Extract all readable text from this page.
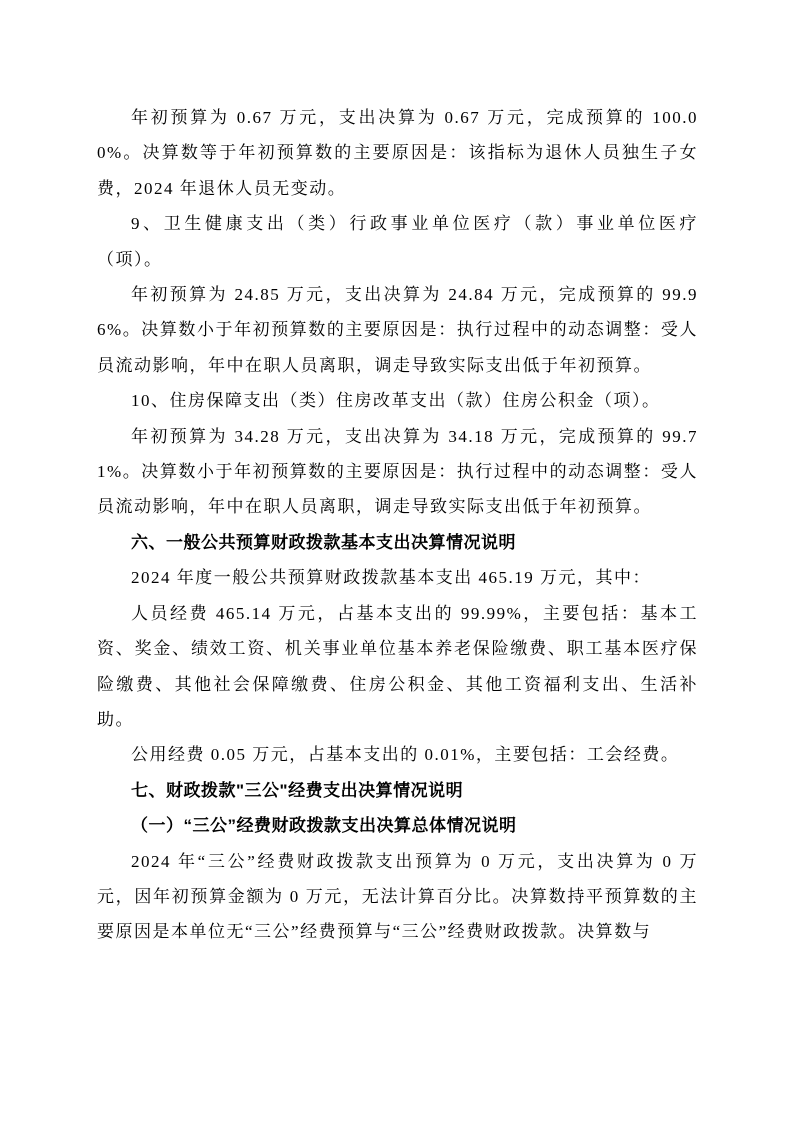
年初预算为 0.67 万元，支出决算为 0.67 万元，完成预算的 100.00%。决算数等于年初预算数的主要原因是：该指标为退休人员独生子女费，2024 年退休人员无变动。

9、卫生健康支出（类）行政事业单位医疗（款）事业单位医疗（项）。

年初预算为 24.85 万元，支出决算为 24.84 万元，完成预算的 99.96%。决算数小于年初预算数的主要原因是：执行过程中的动态调整：受人员流动影响，年中在职人员离职，调走导致实际支出低于年初预算。

10、住房保障支出（类）住房改革支出（款）住房公积金（项）。

年初预算为 34.28 万元，支出决算为 34.18 万元，完成预算的 99.71%。决算数小于年初预算数的主要原因是：执行过程中的动态调整：受人员流动影响，年中在职人员离职，调走导致实际支出低于年初预算。

六、一般公共预算财政拨款基本支出决算情况说明

2024 年度一般公共预算财政拨款基本支出 465.19 万元，其中：

人员经费 465.14 万元，占基本支出的 99.99%，主要包括：基本工资、奖金、绩效工资、机关事业单位基本养老保险缴费、职工基本医疗保险缴费、其他社会保障缴费、住房公积金、其他工资福利支出、生活补助。

公用经费 0.05 万元，占基本支出的 0.01%，主要包括：工会经费。

七、财政拨款"三公"经费支出决算情况说明

（一）“三公”经费财政拨款支出决算总体情况说明

2024 年“三公”经费财政拨款支出预算为 0 万元，支出决算为 0 万元，因年初预算金额为 0 万元，无法计算百分比。决算数持平预算数的主要原因是本单位无“三公”经费预算与“三公”经费财政拨款。决算数与
